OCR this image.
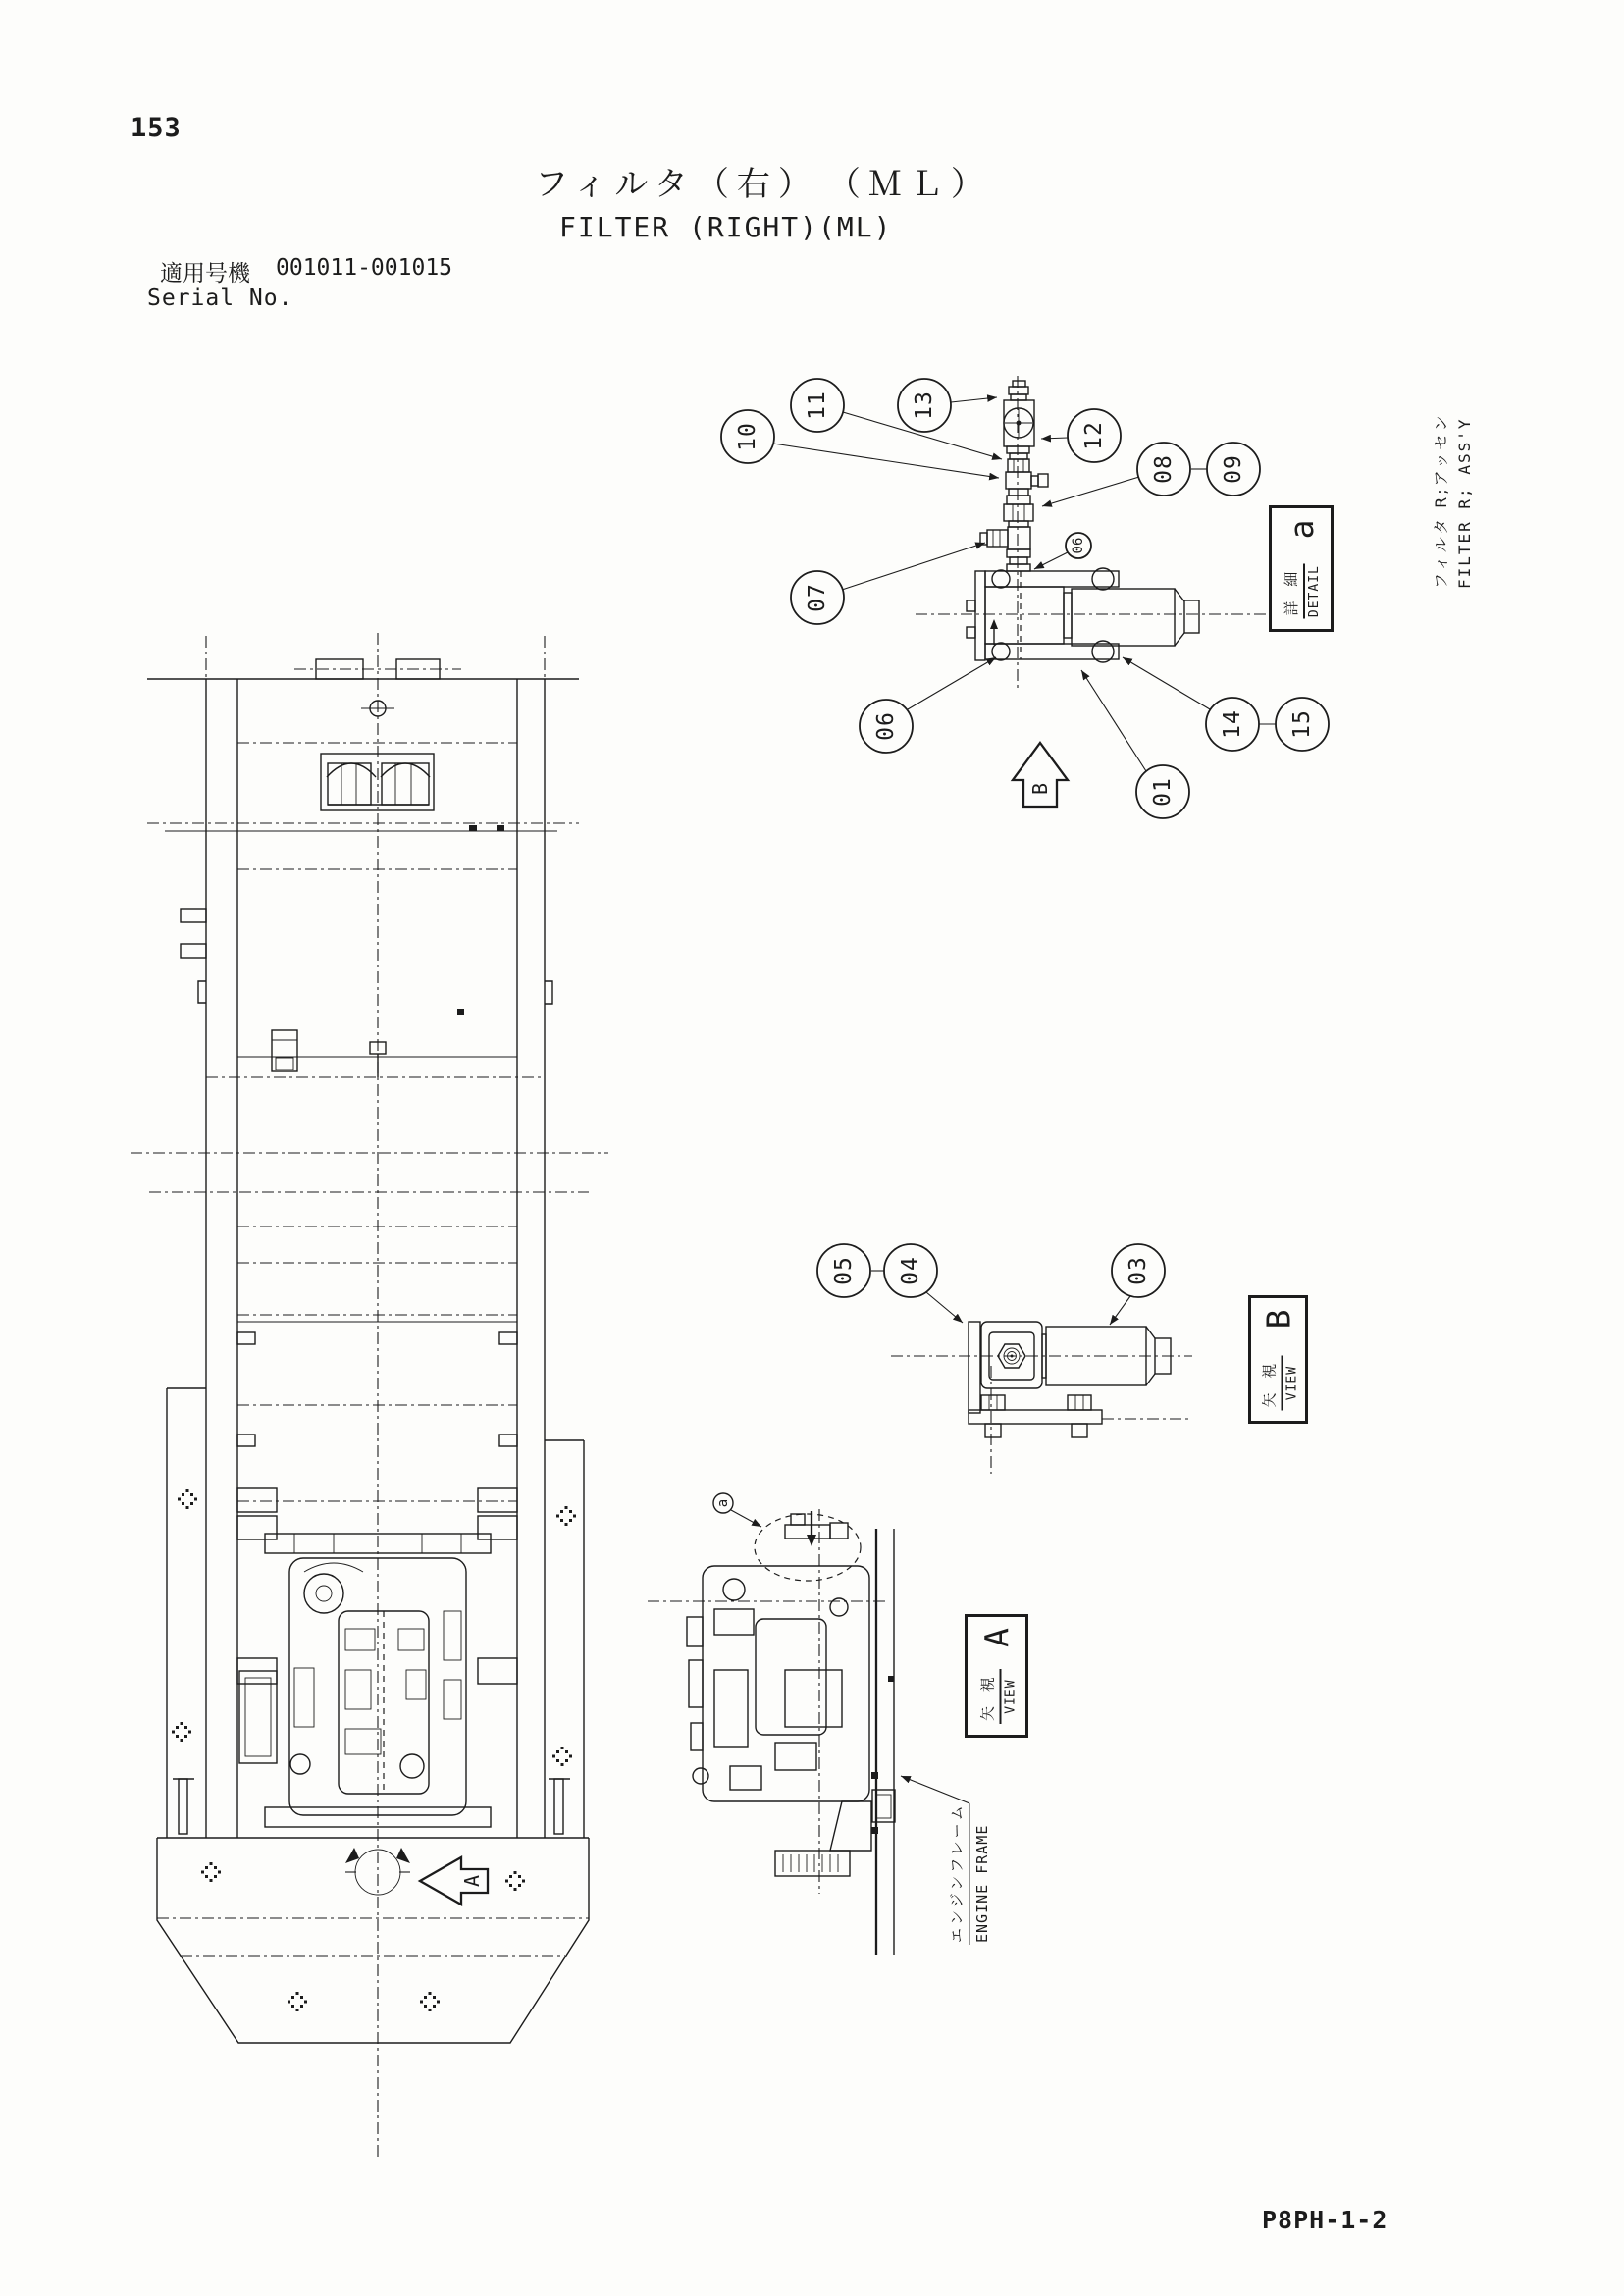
153
フィルタ（右）　（ＭＬ）
FILTER (RIGHT)(ML)
適用号機 001011-001015
Serial No.
P8PH-1-2
A
B
10
11	13
12
08 09
07
06
06	14 15
01
05 04	03
a
エンジンフレーム ENGINE FRAME
詳 細 DETAIL
a
矢 視 VIEW
B
矢 視 VIEW
A
フィルタ R;アッセン FILTER R; ASS'Y
